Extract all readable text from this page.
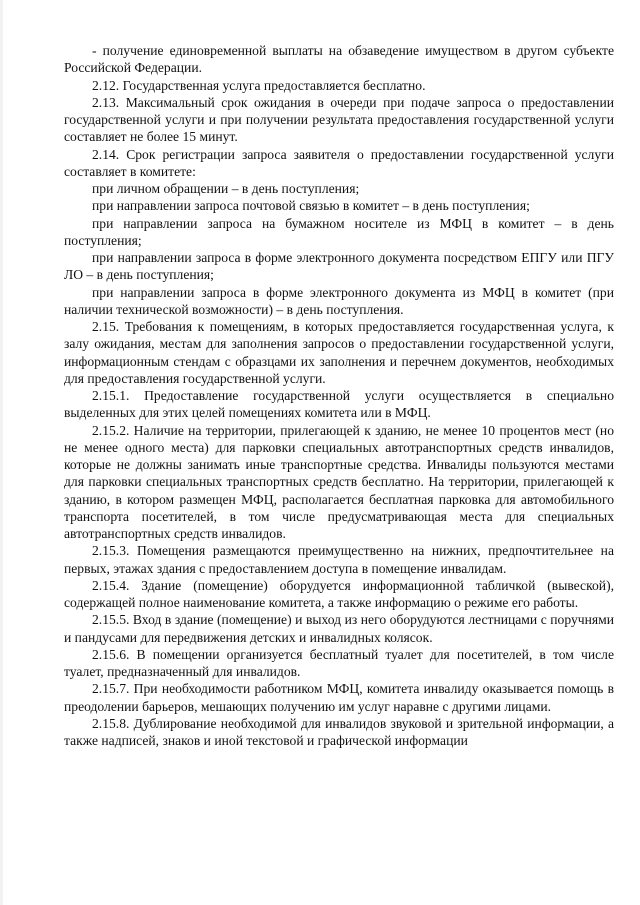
- получение единовременной выплаты на обзаведение имуществом в другом субъекте Российской Федерации.

2.12. Государственная услуга предоставляется бесплатно.

2.13. Максимальный срок ожидания в очереди при подаче запроса о предоставлении государственной услуги и при получении результата предоставления государственной услуги составляет не более 15 минут.

2.14. Срок регистрации запроса заявителя о предоставлении государственной услуги составляет в комитете:

при личном обращении – в день поступления;

при направлении запроса почтовой связью в комитет – в день поступления;

при направлении запроса на бумажном носителе из МФЦ в комитет – в день поступления;

при направлении запроса в форме электронного документа посредством ЕПГУ или ПГУ ЛО – в день поступления;

при направлении запроса в форме электронного документа из МФЦ в комитет (при наличии технической возможности) – в день поступления.

2.15. Требования к помещениям, в которых предоставляется государственная услуга, к залу ожидания, местам для заполнения запросов о предоставлении государственной услуги, информационным стендам с образцами их заполнения и перечнем документов, необходимых для предоставления государственной услуги.

2.15.1. Предоставление государственной услуги осуществляется в специально выделенных для этих целей помещениях комитета или в МФЦ.

2.15.2. Наличие на территории, прилегающей к зданию, не менее 10 процентов мест (но не менее одного места) для парковки специальных автотранспортных средств инвалидов, которые не должны занимать иные транспортные средства. Инвалиды пользуются местами для парковки специальных транспортных средств бесплатно. На территории, прилегающей к зданию, в котором размещен МФЦ, располагается бесплатная парковка для автомобильного транспорта посетителей, в том числе предусматривающая места для специальных автотранспортных средств инвалидов.

2.15.3. Помещения размещаются преимущественно на нижних, предпочтительнее на первых, этажах здания с предоставлением доступа в помещение инвалидам.

2.15.4. Здание (помещение) оборудуется информационной табличкой (вывеской), содержащей полное наименование комитета, а также информацию о режиме его работы.

2.15.5. Вход в здание (помещение) и выход из него оборудуются лестницами с поручнями и пандусами для передвижения детских и инвалидных колясок.

2.15.6. В помещении организуется бесплатный туалет для посетителей, в том числе туалет, предназначенный для инвалидов.

2.15.7. При необходимости работником МФЦ, комитета инвалиду оказывается помощь в преодолении барьеров, мешающих получению им услуг наравне с другими лицами.

2.15.8. Дублирование необходимой для инвалидов звуковой и зрительной информации, а также надписей, знаков и иной текстовой и графической информации
